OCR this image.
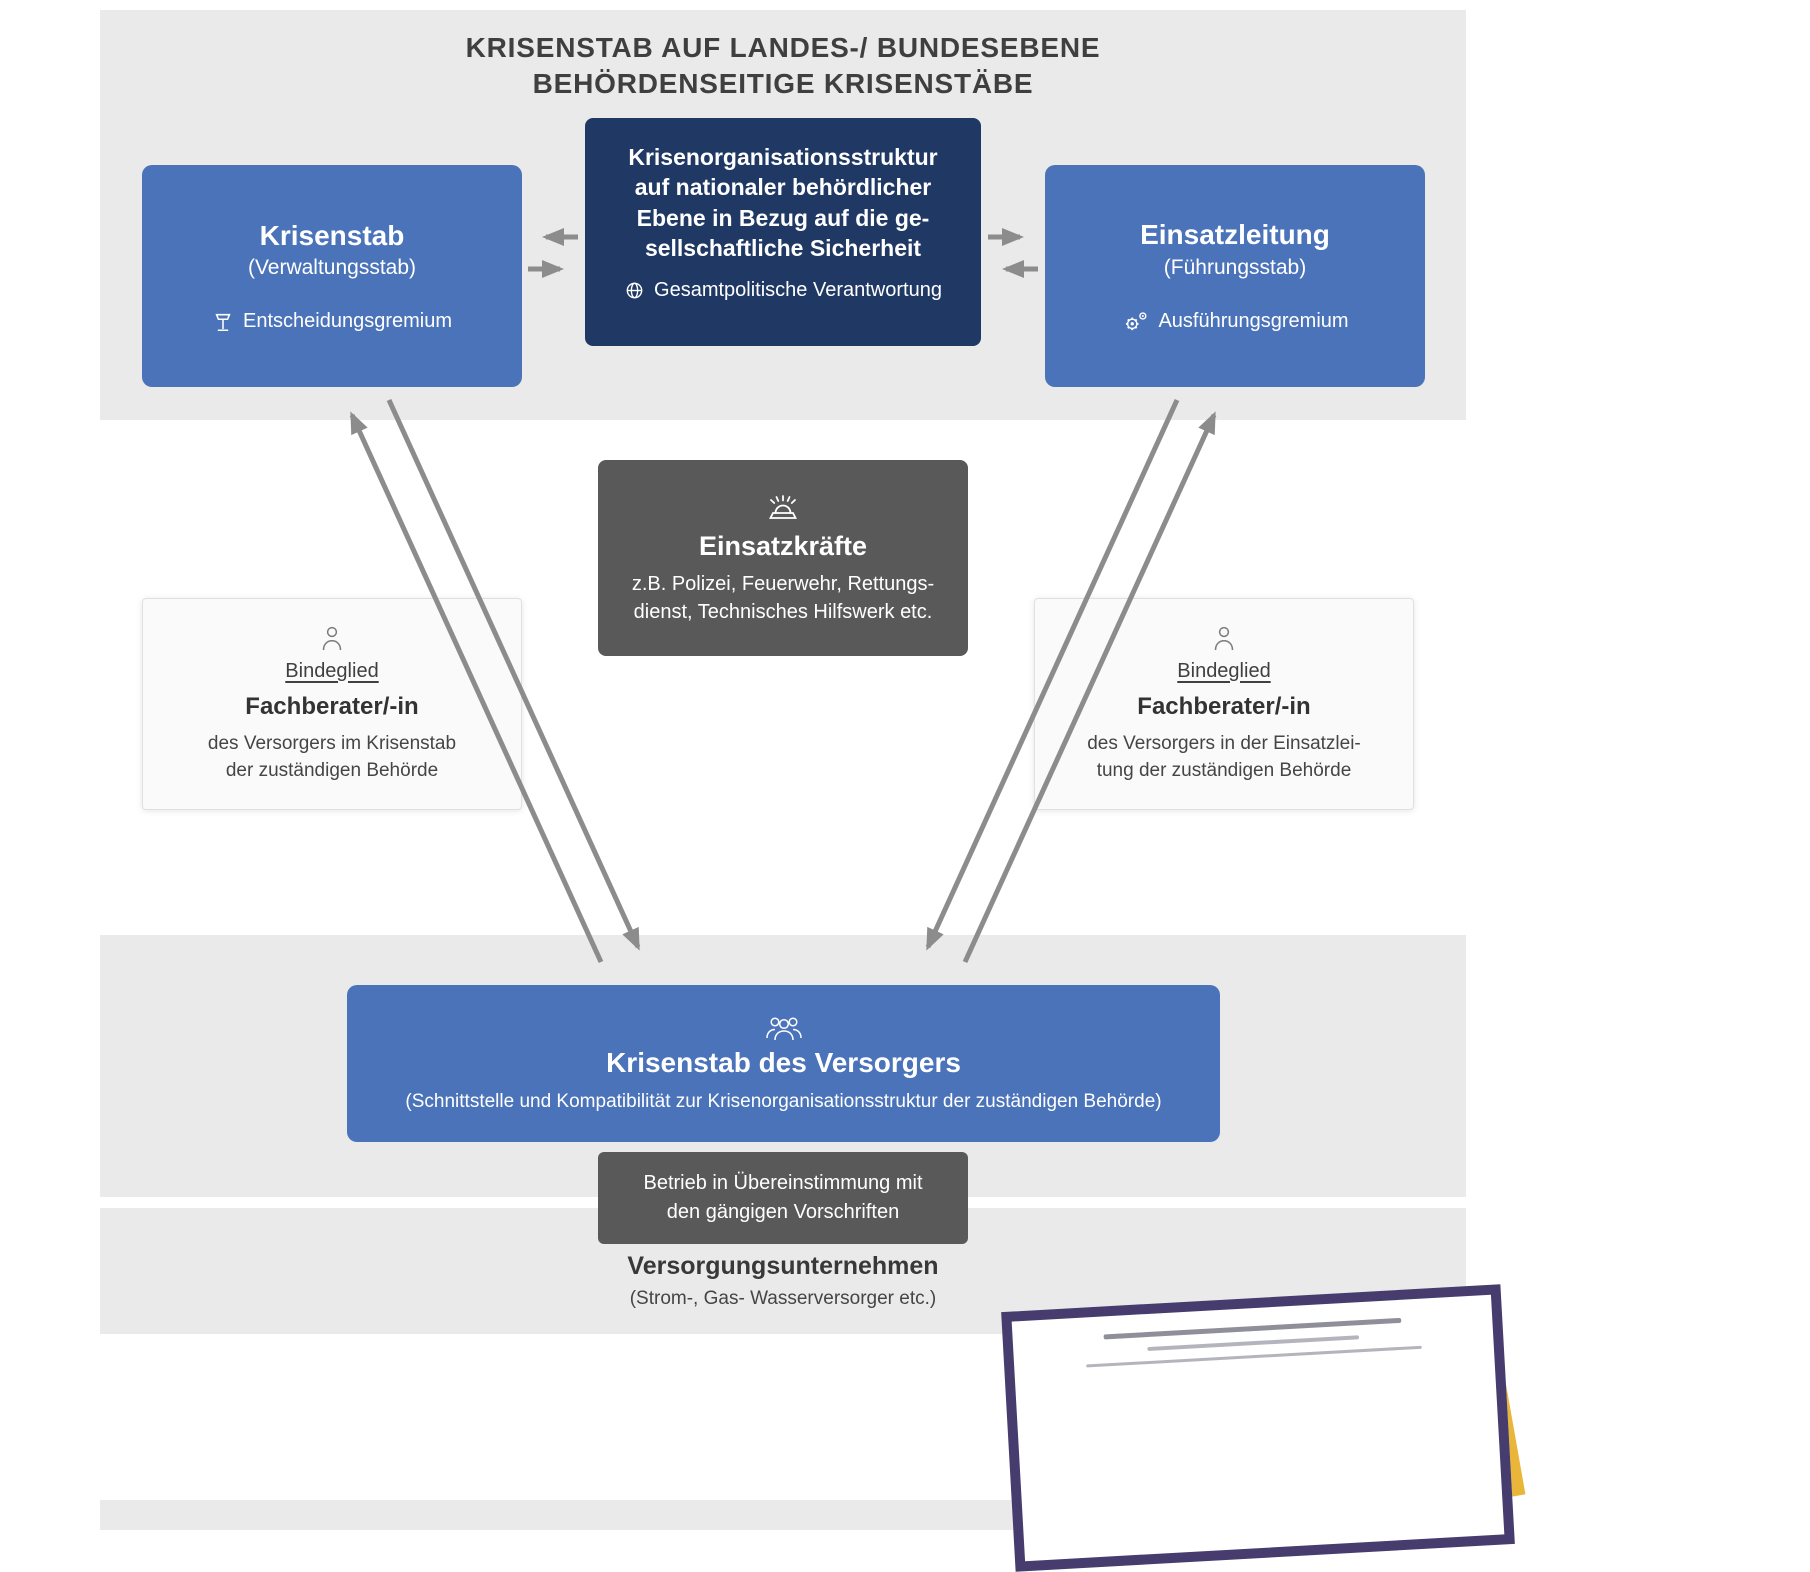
KRISENSTAB AUF LANDES-/ BUNDESEBENE
BEHÖRDENSEITIGE KRISENSTÄBE
Krisenstab
(Verwaltungsstab)
Entscheidungsgremium
Krisenorganisationsstruktur
auf nationaler behördlicher
Ebene in Bezug auf die ge-
sellschaftliche Sicherheit
Gesamtpolitische Verantwortung
Einsatzleitung
(Führungsstab)
Ausführungsgremium
Einsatzkräfte
z.B. Polizei, Feuerwehr, Rettungs-
dienst, Technisches Hilfswerk etc.
Bindeglied
Fachberater/-in
des Versorgers im Krisenstab
der zuständigen Behörde
Bindeglied
Fachberater/-in
des Versorgers in der Einsatzlei-
tung der zuständigen Behörde
Krisenstab des Versorgers
(Schnittstelle und Kompatibilität zur Krisenorganisationsstruktur der zuständigen Behörde)
Betrieb in Übereinstimmung mit
den gängigen Vorschriften
Versorgungsunternehmen
(Strom-, Gas- Wasserversorger etc.)
